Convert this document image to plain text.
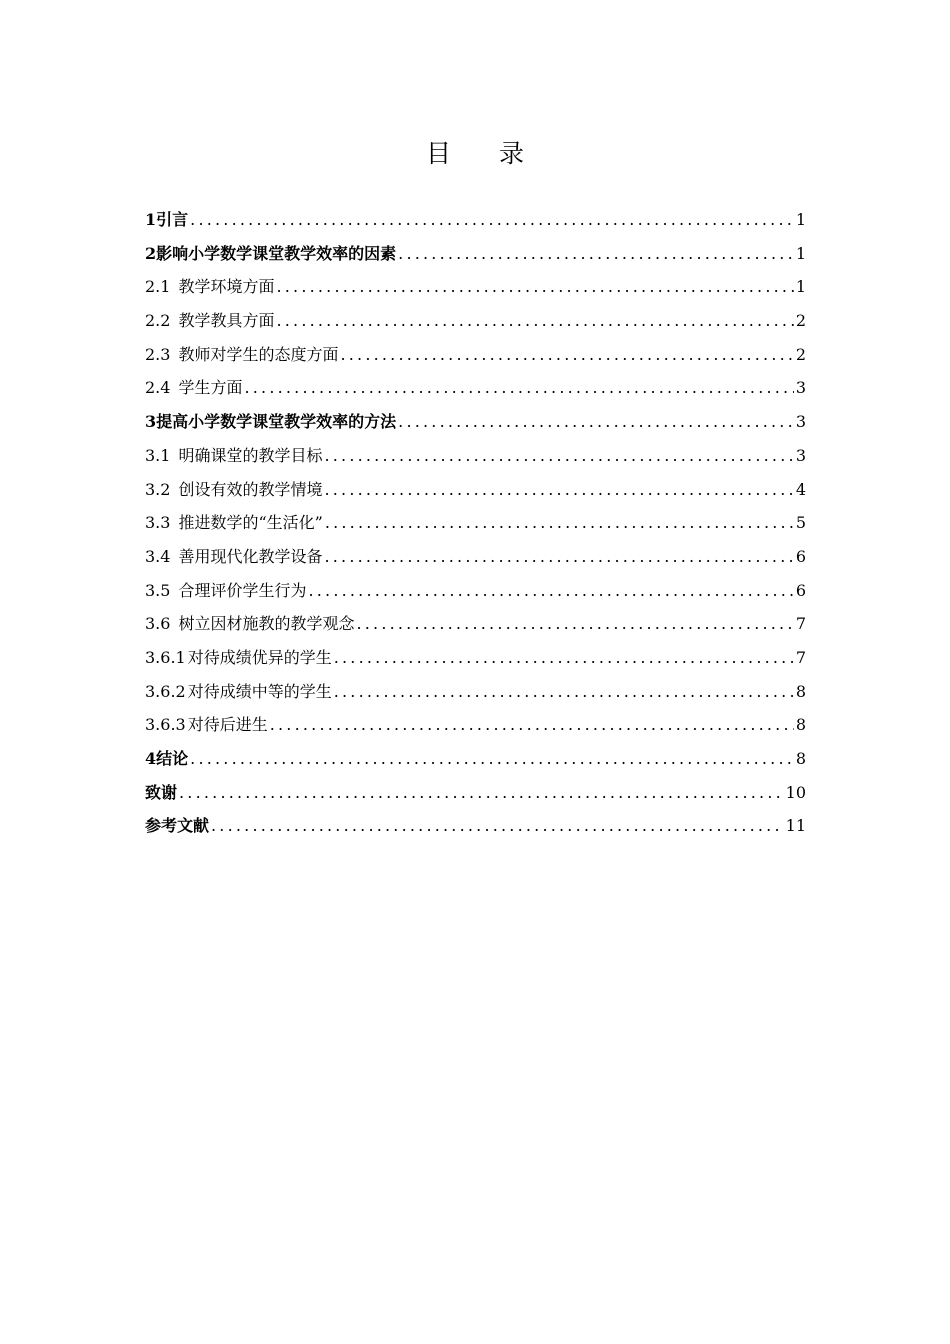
目 录
1 引言 .....	1
2 影响小学数学课堂教学效率的因素 .....	1
2.1 教学环境方面 .....	1
2.2 教学教具方面 .....	2
2.3 教师对学生的态度方面 .....	2
2.4 学生方面 .....	3
3 提高小学数学课堂教学效率的方法 .....	3
3.1 明确课堂的教学目标 .....	3
3.2 创设有效的教学情境 .....	4
3.3 推进数学的“生活化” .....	5
3.4 善用现代化教学设备 .....	6
3.5 合理评价学生行为 .....	6
3.6 树立因材施教的教学观念 .....	7
3.6.1 对待成绩优异的学生 .....	7
3.6.2 对待成绩中等的学生 .....	8
3.6.3 对待后进生 .....	8
4 结论 .....	8
致谢 .....	10
参考文献 .....	11
